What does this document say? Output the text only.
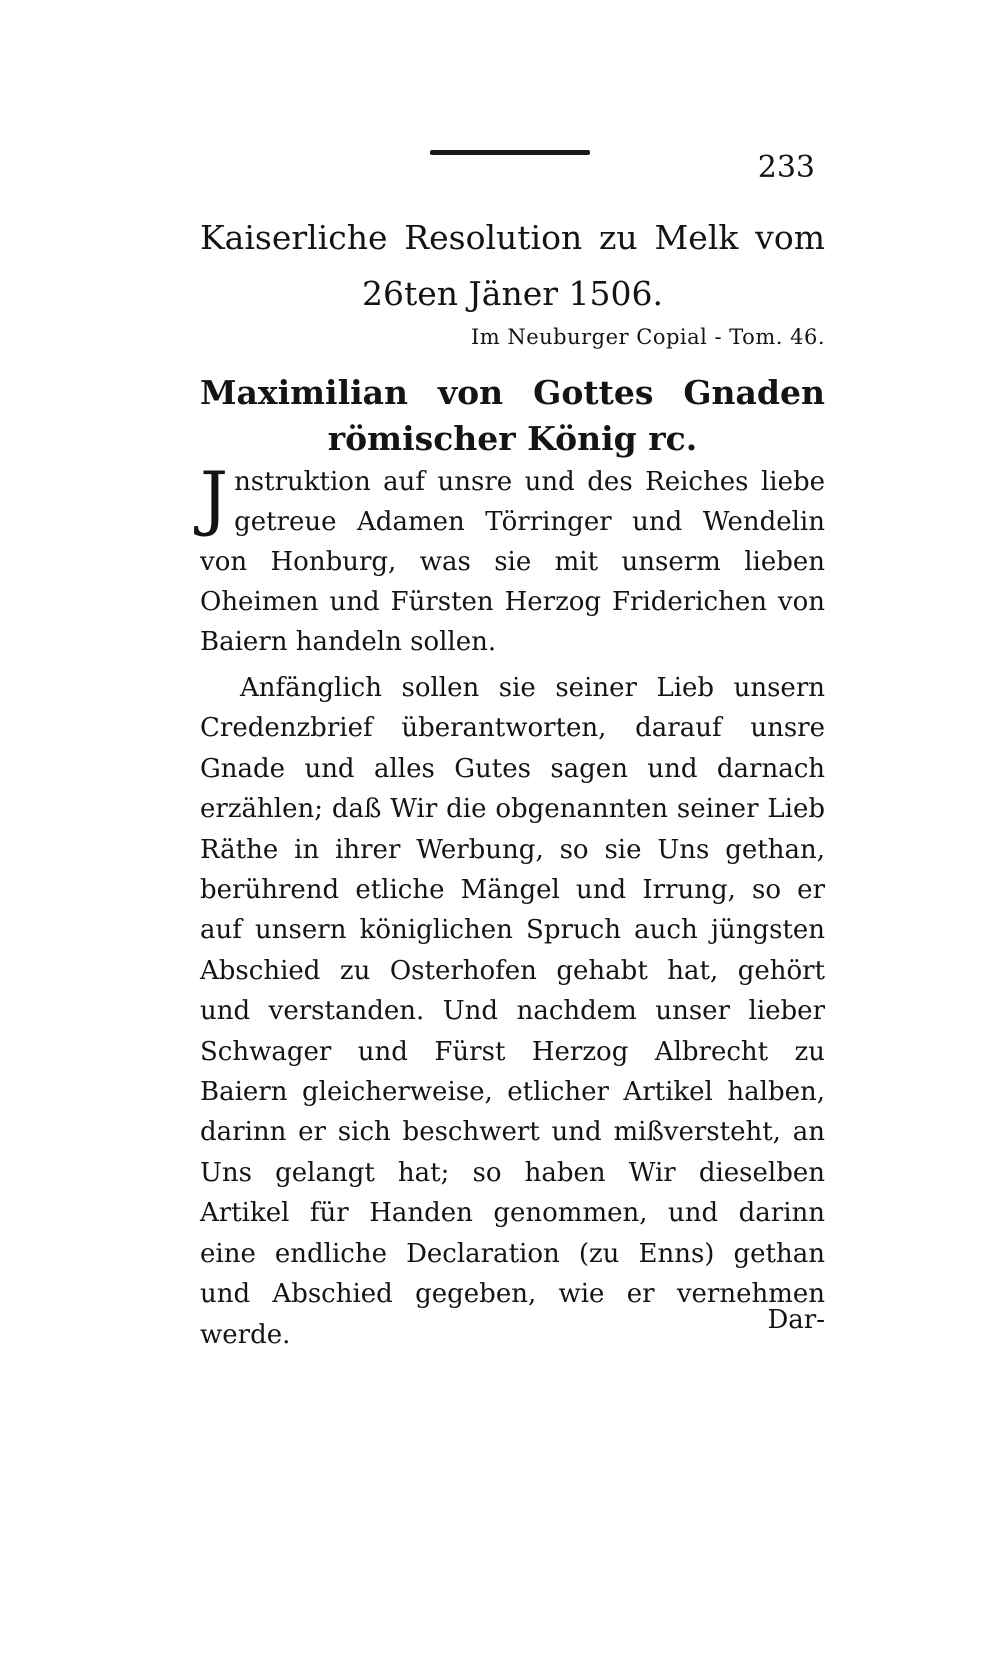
233
Kaiserliche Resolution zu Melk vom 26ten Jäner 1506.
Im Neuburger Copial - Tom. 46.
Maximilian von Gottes Gnaden römischer König rc.
J nstruktion auf unsre und des Reiches liebe getreue Adamen Törringer und Wendelin von Honburg, was sie mit unserm lieben Oheimen und Fürsten Herzog Friderichen von Baiern handeln sollen.
Anfänglich sollen sie seiner Lieb unsern Credenzbrief überantworten, darauf unsre Gnade und alles Gutes sagen und darnach erzählen; daß Wir die obgenannten seiner Lieb Räthe in ihrer Werbung, so sie Uns gethan, berührend etliche Mängel und Irrung, so er auf unsern königlichen Spruch auch jüngsten Abschied zu Osterhofen gehabt hat, gehört und verstanden. Und nachdem unser lieber Schwager und Fürst Herzog Albrecht zu Baiern gleicherweise, etlicher Artikel halben, darinn er sich beschwert und mißversteht, an Uns gelangt hat; so haben Wir dieselben Artikel für Handen genommen, und darinn eine endliche Declaration (zu Enns) gethan und Abschied gegeben, wie er vernehmen werde.	Dar-
